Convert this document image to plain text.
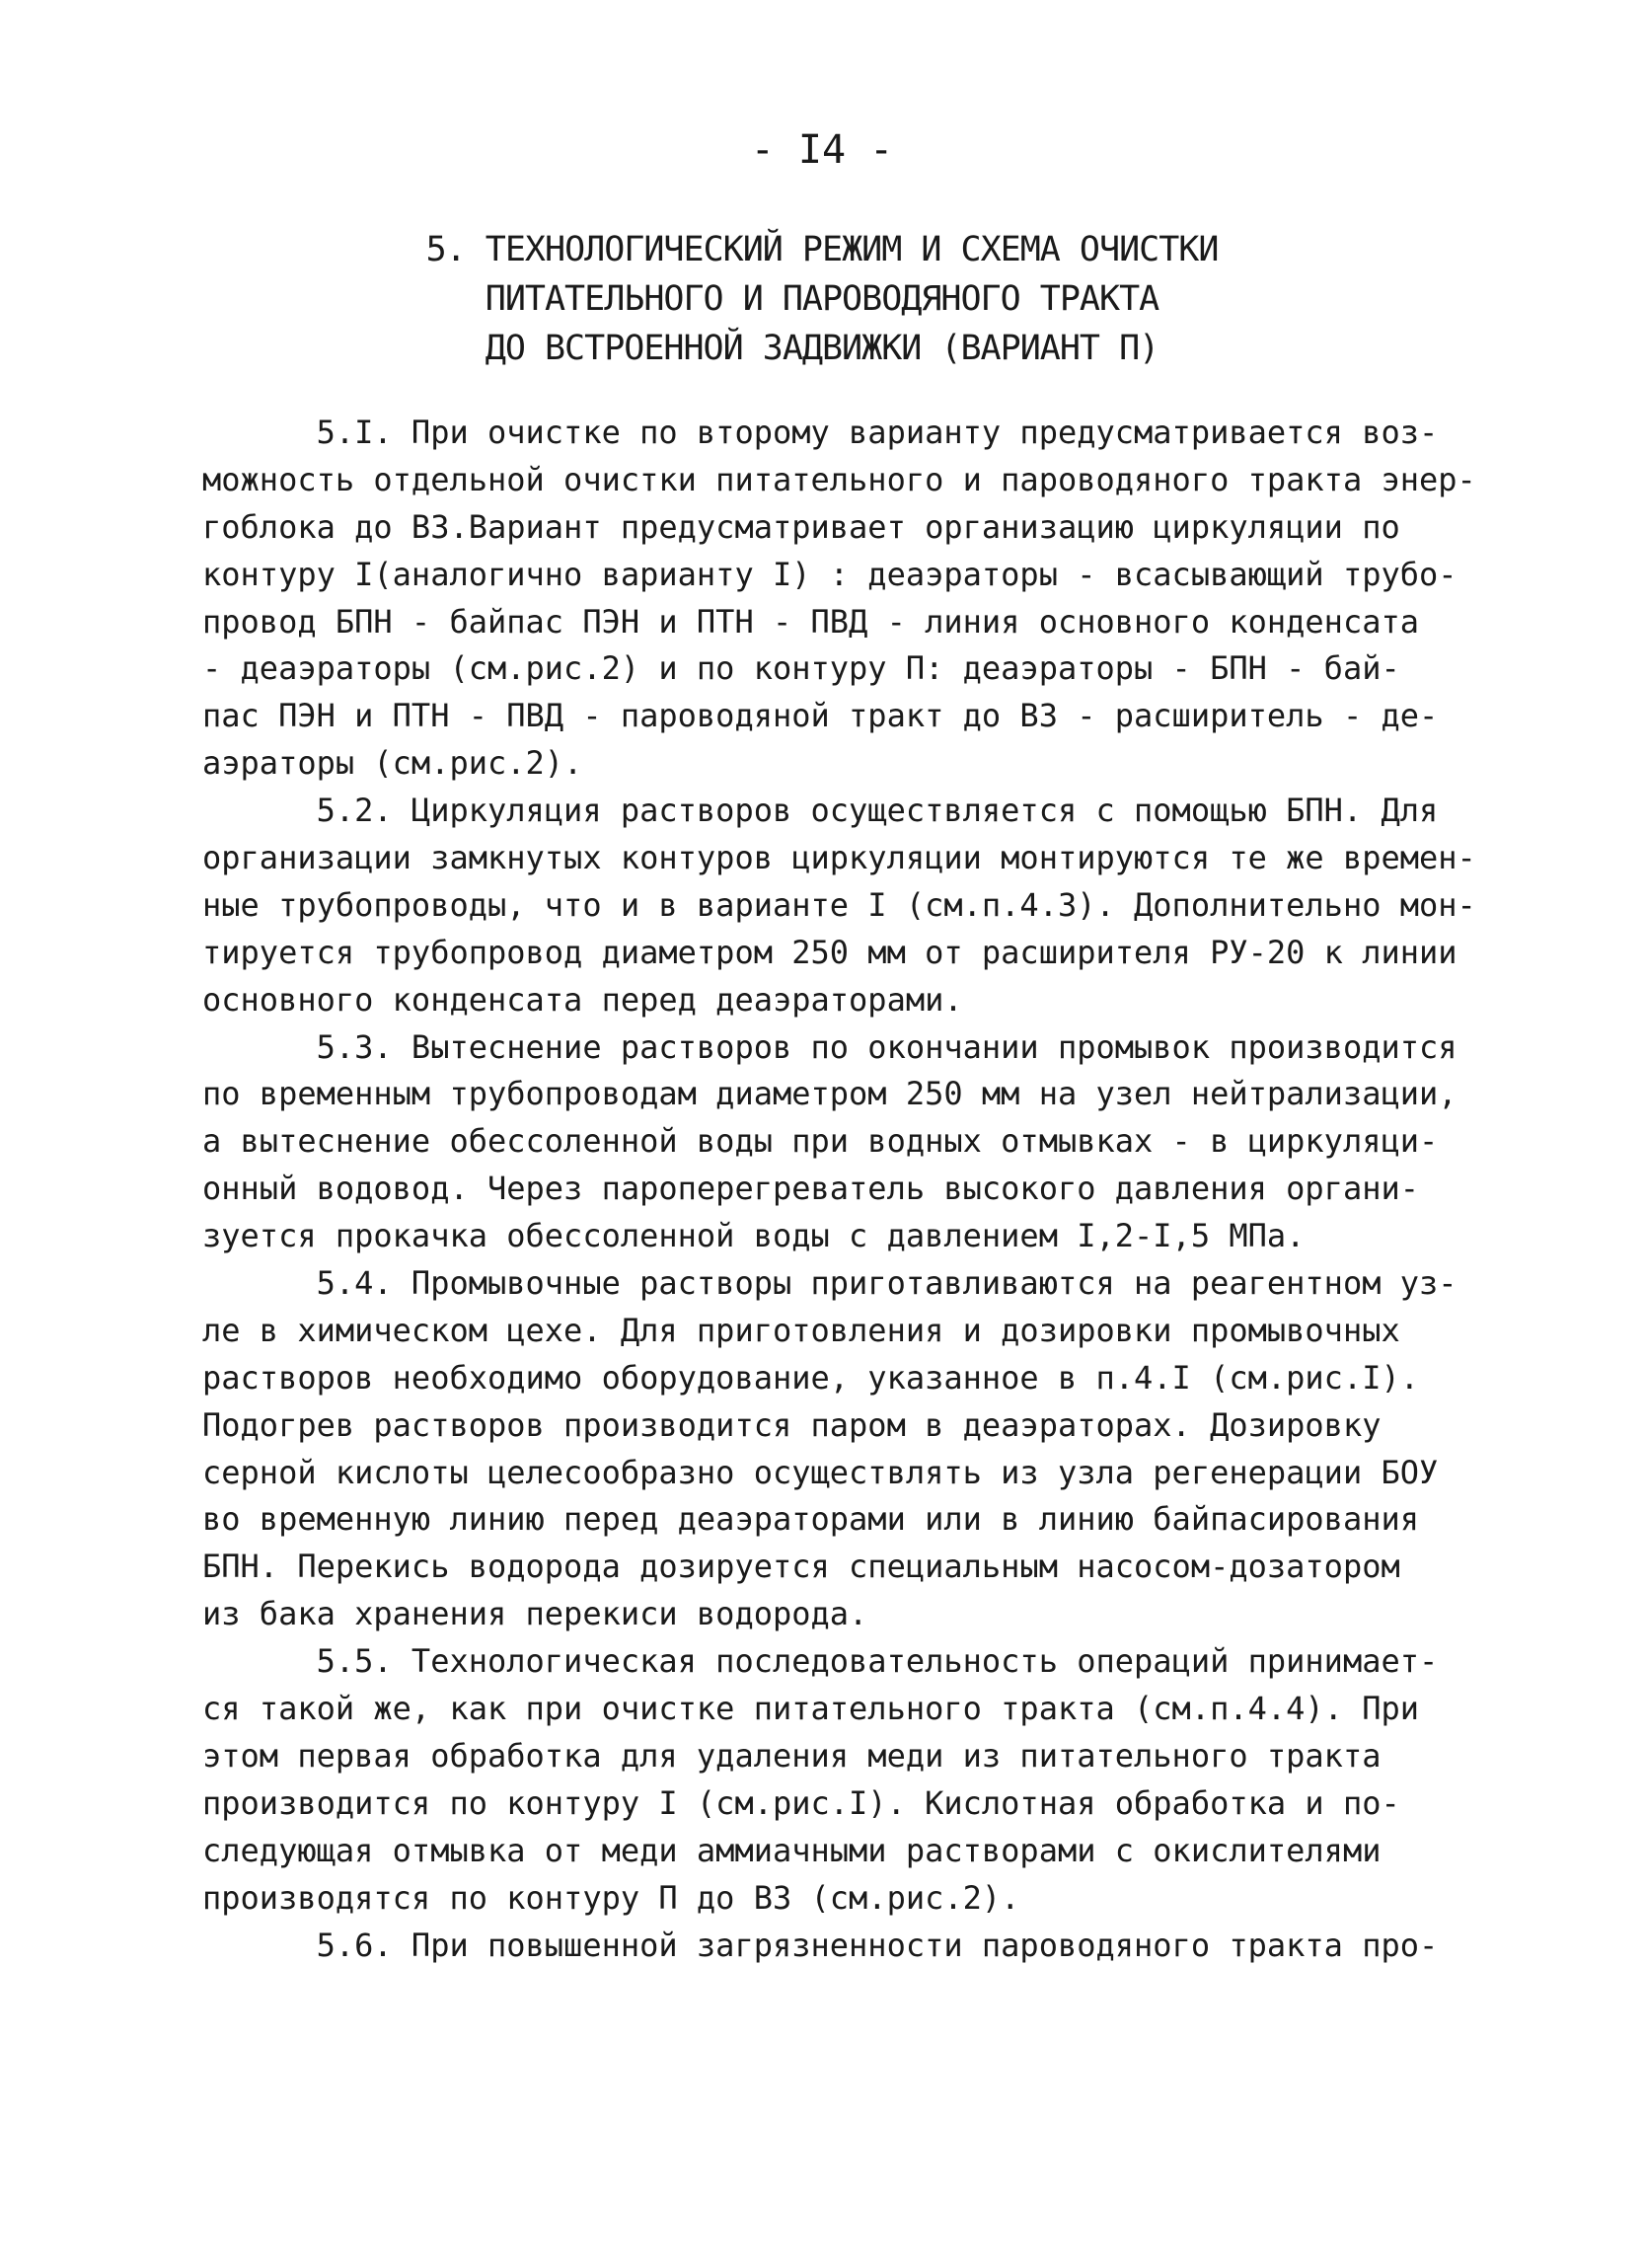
- I4 -
5. ТЕХНОЛОГИЧЕСКИЙ РЕЖИМ И СХЕМА ОЧИСТКИ
ПИТАТЕЛЬНОГО И ПАРОВОДЯНОГО ТРАКТА
ДО ВСТРОЕННОЙ ЗАДВИЖКИ (ВАРИАНТ П)
5.I. При очистке по второму варианту предусматривается воз-
можность отдельной очистки питательного и пароводяного тракта энер-
гоблока до ВЗ.Вариант предусматривает организацию циркуляции по
контуру I(аналогично варианту I) : деаэраторы - всасывающий трубо-
провод БПН - байпас ПЭН и ПТН - ПВД - линия основного конденсата
- деаэраторы (см.рис.2) и по контуру П: деаэраторы - БПН - бай-
пас ПЭН и ПТН - ПВД - пароводяной тракт до ВЗ - расширитель - де-
аэраторы (см.рис.2).
5.2. Циркуляция растворов осуществляется с помощью БПН. Для
организации замкнутых контуров циркуляции монтируются те же времен-
ные трубопроводы, что и в варианте I (см.п.4.3). Дополнительно мон-
тируется трубопровод диаметром 250 мм от расширителя РУ-20 к линии
основного конденсата перед деаэраторами.
5.3. Вытеснение растворов по окончании промывок производится
по временным трубопроводам диаметром 250 мм на узел нейтрализации,
а вытеснение обессоленной воды при водных отмывках - в циркуляци-
онный водовод. Через пароперегреватель высокого давления органи-
зуется прокачка обессоленной воды с давлением I,2-I,5 МПа.
5.4. Промывочные растворы приготавливаются на реагентном уз-
ле в химическом цехе. Для приготовления и дозировки промывочных
растворов необходимо оборудование, указанное в п.4.I (см.рис.I).
Подогрев растворов производится паром в деаэраторах. Дозировку
серной кислоты целесообразно осуществлять из узла регенерации БОУ
во временную линию перед деаэраторами или в линию байпасирования
БПН. Перекись водорода дозируется специальным насосом-дозатором
из бака хранения перекиси водорода.
5.5. Технологическая последовательность операций принимает-
ся такой же, как при очистке питательного тракта (см.п.4.4). При
этом первая обработка для удаления меди из питательного тракта
производится по контуру I (см.рис.I). Кислотная обработка и по-
следующая отмывка от меди аммиачными растворами с окислителями
производятся по контуру П до ВЗ (см.рис.2).
5.6. При повышенной загрязненности пароводяного тракта про-
